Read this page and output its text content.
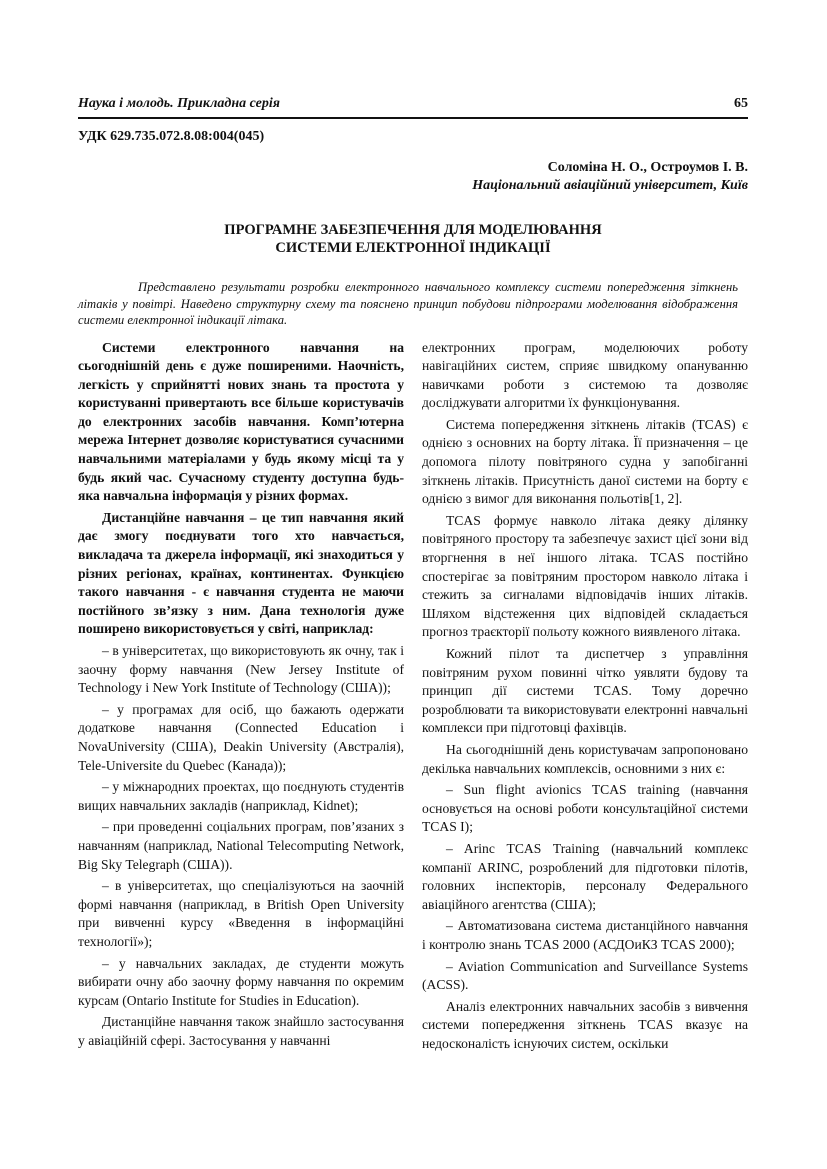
Наука і молодь. Прикладна серія	65
УДК 629.735.072.8.08:004(045)
Соломіна Н. О., Остроумов І. В.
Національний авіаційний університет, Київ
ПРОГРАМНЕ ЗАБЕЗПЕЧЕННЯ ДЛЯ МОДЕЛЮВАННЯ
СИСТЕМИ ЕЛЕКТРОННОЇ ІНДИКАЦІЇ

Представлено результати розробки електронного навчального комплексу системи попередження зіткнень літаків у повітрі. Наведено структурну схему та пояснено принцип побудови підпрограми моделювання відображення системи електронної індикації літака.

Системи електронного навчання на сьогоднішній день є дуже поширеними. Наочність, легкість у сприйнятті нових знань та простота у користуванні привертають все більше користувачів до електронних засобів навчання. Комп’ютерна мережа Інтернет дозволяє користуватися сучасними навчальними матеріалами у будь якому місці та у будь який час. Сучасному студенту доступна будь-яка навчальна інформація у різних формах.

Дистанційне навчання – це тип навчання який дає змогу поєднувати того хто навчається, викладача та джерела інформації, які знаходиться у різних регіонах, країнах, континентах. Функцією такого навчання - є навчання студента не маючи постійного зв’язку з ним. Дана технологія дуже поширено використовується у світі, наприклад:

– в університетах, що використовують як очну, так і заочну форму навчання (New Jersey Institute of Technology і New York Institute of Technology (США));

– у програмах для осіб, що бажають одержати додаткове навчання (Connected Education і NovaUniversity (США), Deakin University (Австралія), Tele-Universite du Quebec (Канада));

– у міжнародних проектах, що поєднують студентів вищих навчальних закладів (наприклад, Kidnet);

– при проведенні соціальних програм, пов’язаних з навчанням (наприклад, National Telecomputing Network, Big Sky Telegraph (США)).

– в університетах, що спеціалізуються на заочній формі навчання (наприклад, в British Open University при вивченні курсу «Введення в інформаційні технології»);

– у навчальних закладах, де студенти можуть вибирати очну або заочну форму навчання по окремим курсам (Ontario Institute for Studies in Education).

Дистанційне навчання також знайшло застосування у авіаційній сфері. Застосування у навчанні

електронних програм, моделюючих роботу навігаційних систем, сприяє швидкому опануванню навичками роботи з системою та дозволяє досліджувати алгоритми їх функціонування.

Система попередження зіткнень літаків (TCAS) є однією з основних на борту літака. Її призначення – це допомога пілоту повітряного судна у запобіганні зіткнень літаків. Присутність даної системи на борту є однією з вимог для виконання польотів[1, 2].

TCAS формує навколо літака деяку ділянку повітряного простору та забезпечує захист цієї зони від вторгнення в неї іншого літака. TCAS постійно спостерігає за повітряним простором навколо літака і стежить за сигналами відповідачів інших літаків. Шляхом відстеження цих відповідей складається прогноз траєкторії польоту кожного виявленого літака.

Кожний пілот та диспетчер з управління повітряним рухом повинні чітко уявляти будову та принцип дії системи TCAS. Тому доречно розроблювати та використовувати електронні навчальні комплекси при підготовці фахівців.

На сьогоднішній день користувачам запропоновано декілька навчальних комплексів, основними з них є:

– Sun flight avionics TCAS training (навчання основується на основі роботи консультаційної системи TCAS I);

– Arinc TCAS Training (навчальний комплекс компанії ARINC, розроблений для підготовки пілотів, головних інспекторів, персоналу Федерального авіаційного агентства (США);

– Автоматизована система дистанційного навчання і контролю знань TCAS 2000 (АСДОиКЗ TCAS 2000);

– Aviation Communication and Surveillance Systems (ACSS).

Аналіз електронних навчальних засобів з вивчення системи попередження зіткнень TCAS вказує на недосконалість існуючих систем, оскільки
